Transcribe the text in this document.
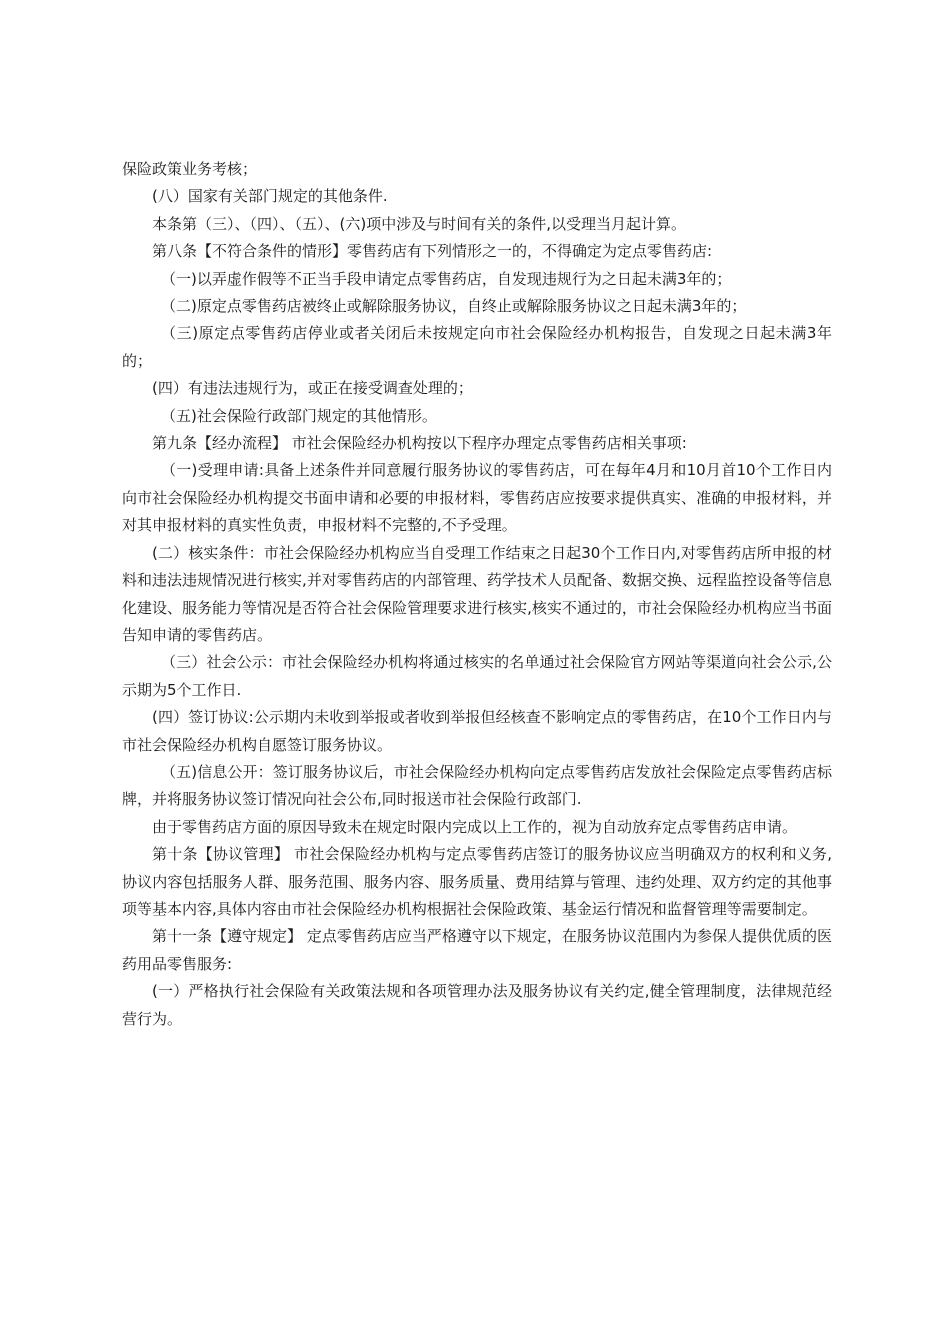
保险政策业务考核；

(八）国家有关部门规定的其他条件.

本条第（三）、（四）、（五）、(六)项中涉及与时间有关的条件,以受理当月起计算。

第八条【不符合条件的情形】零售药店有下列情形之一的，不得确定为定点零售药店:

（一)以弄虚作假等不正当手段申请定点零售药店，自发现违规行为之日起未满3年的；

（二)原定点零售药店被终止或解除服务协议，自终止或解除服务协议之日起未满3年的；

（三)原定点零售药店停业或者关闭后未按规定向市社会保险经办机构报告，自发现之日起未满3年的；

(四）有违法违规行为，或正在接受调查处理的；

（五)社会保险行政部门规定的其他情形。

第九条【经办流程】 市社会保险经办机构按以下程序办理定点零售药店相关事项:

（一)受理申请:具备上述条件并同意履行服务协议的零售药店，可在每年4月和10月首10个工作日内向市社会保险经办机构提交书面申请和必要的申报材料，零售药店应按要求提供真实、准确的申报材料，并对其申报材料的真实性负责，申报材料不完整的,不予受理。

(二）核实条件：市社会保险经办机构应当自受理工作结束之日起30个工作日内,对零售药店所申报的材料和违法违规情况进行核实,并对零售药店的内部管理、药学技术人员配备、数据交换、远程监控设备等信息化建设、服务能力等情况是否符合社会保险管理要求进行核实,核实不通过的，市社会保险经办机构应当书面告知申请的零售药店。

（三）社会公示：市社会保险经办机构将通过核实的名单通过社会保险官方网站等渠道向社会公示,公示期为5个工作日.

(四）签订协议:公示期内未收到举报或者收到举报但经核查不影响定点的零售药店，在10个工作日内与市社会保险经办机构自愿签订服务协议。

（五)信息公开：签订服务协议后，市社会保险经办机构向定点零售药店发放社会保险定点零售药店标牌，并将服务协议签订情况向社会公布,同时报送市社会保险行政部门.

由于零售药店方面的原因导致未在规定时限内完成以上工作的，视为自动放弃定点零售药店申请。

第十条【协议管理】 市社会保险经办机构与定点零售药店签订的服务协议应当明确双方的权利和义务,协议内容包括服务人群、服务范围、服务内容、服务质量、费用结算与管理、违约处理、双方约定的其他事项等基本内容,具体内容由市社会保险经办机构根据社会保险政策、基金运行情况和监督管理等需要制定。

第十一条【遵守规定】 定点零售药店应当严格遵守以下规定，在服务协议范围内为参保人提供优质的医药用品零售服务:

(一）严格执行社会保险有关政策法规和各项管理办法及服务协议有关约定,健全管理制度，法律规范经营行为。
